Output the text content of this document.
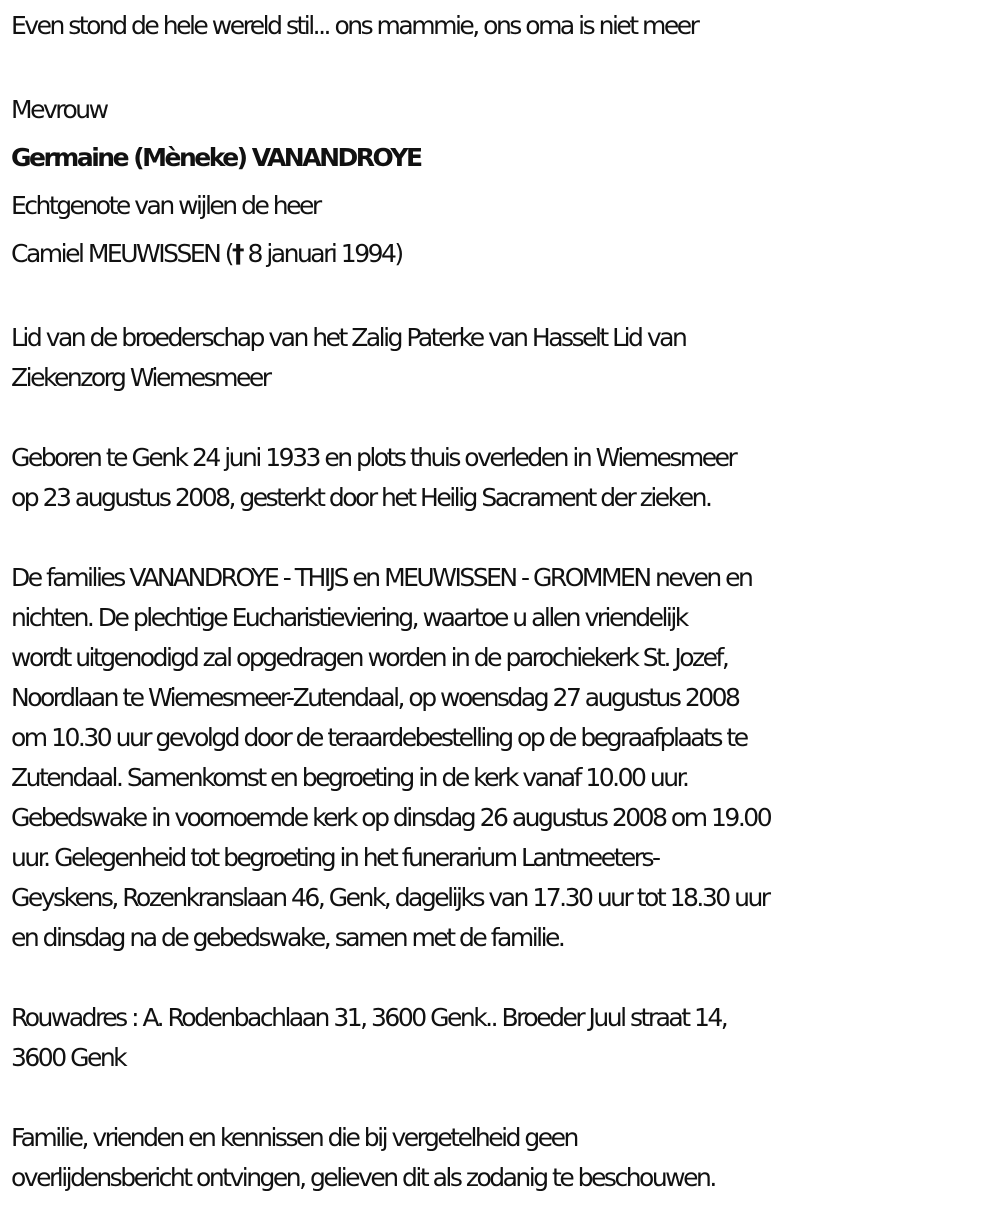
Even stond de hele wereld stil... ons mammie, ons oma is niet meer

Mevrouw

Germaine (Mèneke) VANANDROYE

Echtgenote van wijlen de heer

Camiel MEUWISSEN († 8 januari 1994)

Lid van de broederschap van het Zalig Paterke van Hasselt Lid van

Ziekenzorg Wiemesmeer

Geboren te Genk 24 juni 1933 en plots thuis overleden in Wiemesmeer

op 23 augustus 2008, gesterkt door het Heilig Sacrament der zieken.

De families VANANDROYE - THIJS en MEUWISSEN - GROMMEN neven en

nichten. De plechtige Eucharistieviering, waartoe u allen vriendelijk

wordt uitgenodigd zal opgedragen worden in de parochiekerk St. Jozef,

Noordlaan te Wiemesmeer-Zutendaal, op woensdag 27 augustus 2008

om 10.30 uur gevolgd door de teraardebestelling op de begraafplaats te

Zutendaal. Samenkomst en begroeting in de kerk vanaf 10.00 uur.

Gebedswake in voornoemde kerk op dinsdag 26 augustus 2008 om 19.00

uur. Gelegenheid tot begroeting in het funerarium Lantmeeters-

Geyskens, Rozenkranslaan 46, Genk, dagelijks van 17.30 uur tot 18.30 uur

en dinsdag na de gebedswake, samen met de familie.

Rouwadres : A. Rodenbachlaan 31, 3600 Genk.. Broeder Juul straat 14,

3600 Genk

Familie, vrienden en kennissen die bij vergetelheid geen

overlijdensbericht ontvingen, gelieven dit als zodanig te beschouwen.
